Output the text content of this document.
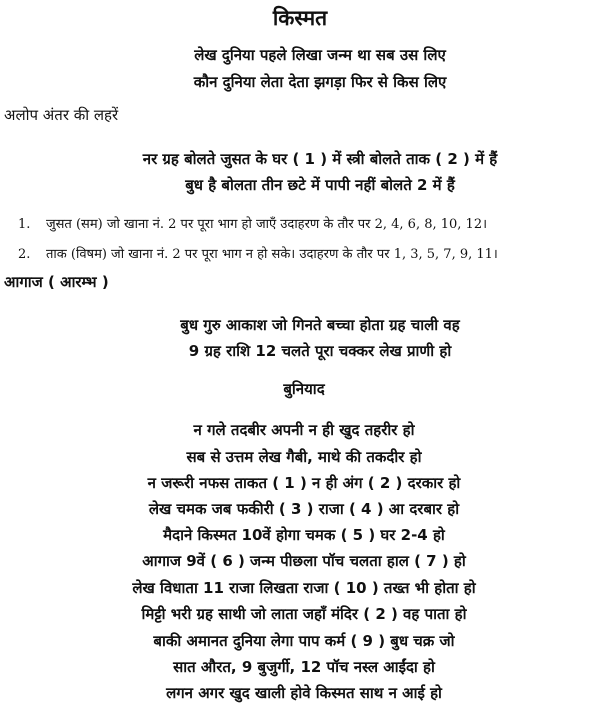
किस्मत
लेख दुनिया पहले लिखा जन्म था सब उस लिए
कौन दुनिया लेता देता झगड़ा फिर से किस लिए
अलोप अंतर की लहरें
नर ग्रह बोलते जुसत के घर ( 1 ) में स्त्री बोलते ताक ( 2 ) में हैं
बुध है बोलता तीन छटे में पापी नहीं बोलते 2 में हैं
1. जुसत (सम) जो खाना नं. 2 पर पूरा भाग हो जाएँ उदाहरण के तौर पर 2, 4, 6, 8, 10, 12।
2. ताक (विषम) जो खाना नं. 2 पर पूरा भाग न हो सके। उदाहरण के तौर पर 1, 3, 5, 7, 9, 11।
आगाज ( आरम्भ )
बुध गुरु आकाश जो गिनते बच्चा होता ग्रह चाली वह
9 ग्रह राशि 12 चलते पूरा चक्कर लेख प्राणी हो
बुनियाद
न गले तदबीर अपनी न ही खुद तहरीर हो
सब से उत्तम लेख गैबी, माथे की तकदीर हो
न जरूरी नफस ताकत ( 1 ) न ही अंग ( 2 ) दरकार हो
लेख चमक जब फकीरी ( 3 ) राजा ( 4 ) आ दरबार हो
मैदाने किस्मत 10वें होगा चमक ( 5 ) घर 2-4 हो
आगाज 9वें ( 6 ) जन्म पीछला पॉच चलता हाल ( 7 ) हो
लेख विधाता 11 राजा लिखता राजा ( 10 ) तख्त भी होता हो
मिट्टी भरी ग्रह साथी जो लाता जहाँ मंदिर ( 2 ) वह पाता हो
बाकी अमानत दुनिया लेगा पाप कर्म ( 9 ) बुध चक्र जो
सात औरत, 9 बुजुर्गी, 12 पॉच नस्ल आईंदा हो
लगन अगर खुद खाली होवे किस्मत साथ न आई हो
